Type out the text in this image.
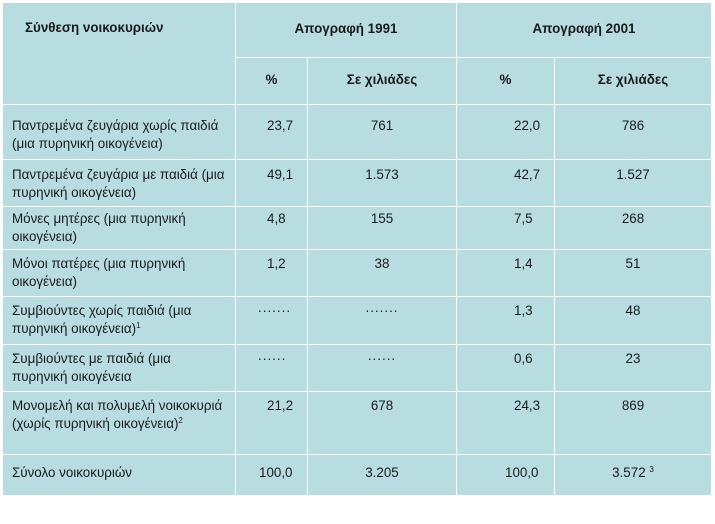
Σύνθεση νοικοκυριών	Απογραφή 1991		Απογραφή 2001	
	%	Σε χιλιάδες	%	Σε χιλιάδες
Παντρεμένα ζευγάρια χωρίς παιδιά (μια πυρηνική οικογένεια)	23,7	761	22,0	786
Παντρεμένα ζευγάρια με παιδιά (μια πυρηνική οικογένεια)	49,1	1.573	42,7	1.527
Μόνες μητέρες (μια πυρηνική οικογένεια)	4,8	155	7,5	268
Μόνοι πατέρες (μια πυρηνική οικογένεια)	1,2	38	1,4	51
Συμβιούντες χωρίς παιδιά (μια πυρηνική οικογένεια)$^1$	.......	.......	1,3	48
Συμβιούντες με παιδιά (μια πυρηνική οικογένεια	......	......	0,6	23
Μονομελή και πολυμελή νοικοκυριά (χωρίς πυρηνική οικογένεια)$^2$	21,2	678	24,3	869
Σύνολο νοικοκυριών	100,0	3.205	100,0	3.572 $^3$
